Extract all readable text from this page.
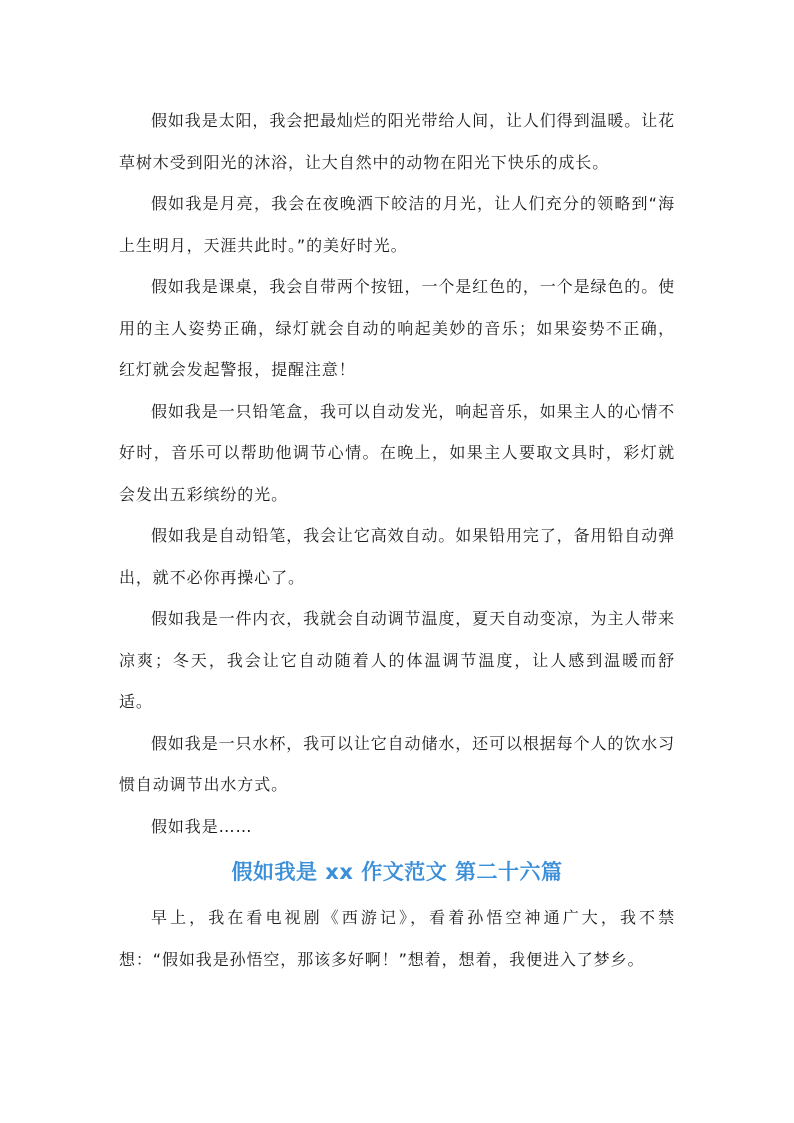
假如我是太阳，我会把最灿烂的阳光带给人间，让人们得到温暖。让花草树木受到阳光的沐浴，让大自然中的动物在阳光下快乐的成长。

假如我是月亮，我会在夜晚洒下皎洁的月光，让人们充分的领略到“海上生明月，天涯共此时。”的美好时光。

假如我是课桌，我会自带两个按钮，一个是红色的，一个是绿色的。使用的主人姿势正确，绿灯就会自动的响起美妙的音乐；如果姿势不正确，红灯就会发起警报，提醒注意！

假如我是一只铅笔盒，我可以自动发光，响起音乐，如果主人的心情不好时，音乐可以帮助他调节心情。在晚上，如果主人要取文具时，彩灯就会发出五彩缤纷的光。

假如我是自动铅笔，我会让它高效自动。如果铅用完了，备用铅自动弹出，就不必你再操心了。

假如我是一件内衣，我就会自动调节温度，夏天自动变凉，为主人带来凉爽；冬天，我会让它自动随着人的体温调节温度，让人感到温暖而舒适。

假如我是一只水杯，我可以让它自动储水，还可以根据每个人的饮水习惯自动调节出水方式。

假如我是……

假如我是 xx 作文范文 第二十六篇

早上，我在看电视剧《西游记》，看着孙悟空神通广大，我不禁想：“假如我是孙悟空，那该多好啊！”想着，想着，我便进入了梦乡。
